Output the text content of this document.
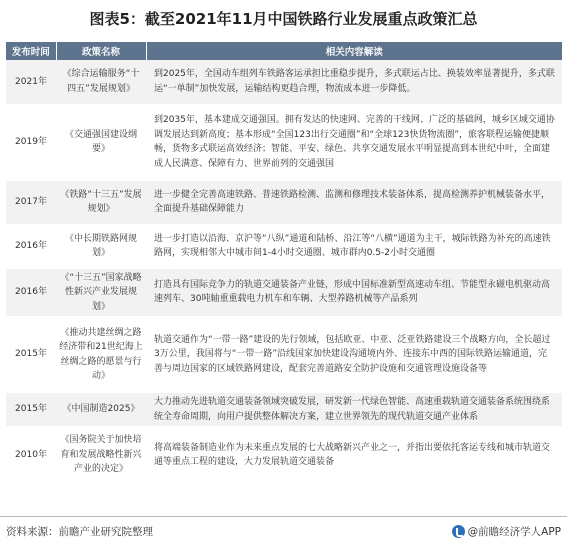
图表5：截至2021年11月中国铁路行业发展重点政策汇总
发布时间	政策名称	相关内容解读
2021年	《综合运输服务“十四五”发展规划》	到2025年，全国动车组列车铁路客运承担比重稳步提升，多式联运占比、换装效率显著提升，多式联运“一单制”加快发展，运输结构更趋合理，物流成本进一步降低。
2019年	《交通强国建设纲要》	到2035年，基本建成交通强国。拥有发达的快速网、完善的干线网、广泛的基础网，城乡区域交通协调发展达到新高度；基本形成“全国123出行交通圈”和“全球123快货物流圈”，旅客联程运输便捷顺畅，货物多式联运高效经济；智能、平安、绿色、共享交通发展水平明显提高到本世纪中叶，全面建成人民满意、保障有力、世界前列的交通强国
2017年	《铁路“十三五”发展规划》	进一步健全完善高速铁路、普速铁路检测、监测和修理技术装备体系，提高检测养护机械装备水平，全面提升基础保障能力
2016年	《中长期铁路网规划》	进一步打造以沿海、京沪等“八纵”通道和陆桥、沿江等“八横”通道为主干，城际铁路为补充的高速铁路网，实现相邻大中城市间1-4小时交通圈、城市群内0.5-2小时交通圈
2016年	《“十三五”国家战略性新兴产业发展规划》	打造具有国际竞争力的轨道交通装备产业链，形成中国标准新型高速动车组、节能型永磁电机驱动高速列车、30吨轴重重载电力机车和车辆、大型养路机械等产品系列
2015年	《推动共建丝绸之路经济带和21世纪海上丝绸之路的愿景与行动》	轨道交通作为“一带一路”建设的先行领域，包括欧亚、中亚、泛亚铁路建设三个战略方向，全长超过3万公里，我国将与“一带一路”沿线国家加快建设沟通境内外、连接东中西的国际铁路运输通道，完善与周边国家的区域铁路网建设，配套完善道路安全防护设施和交通管理设施设备等
2015年	《中国制造2025》	大力推动先进轨道交通装备领域突破发展，研发新一代绿色智能、高速重载轨道交通装备系统围绕系统全寿命周期，向用户提供整体解决方案，建立世界领先的现代轨道交通产业体系
2010年	《国务院关于加快培育和发展战略性新兴产业的决定》	将高端装备制造业作为未来重点发展的七大战略新兴产业之一，并指出要依托客运专线和城市轨道交通等重点工程的建设，大力发展轨道交通装备
资料来源：前瞻产业研究院整理	@前瞻经济学人APP
